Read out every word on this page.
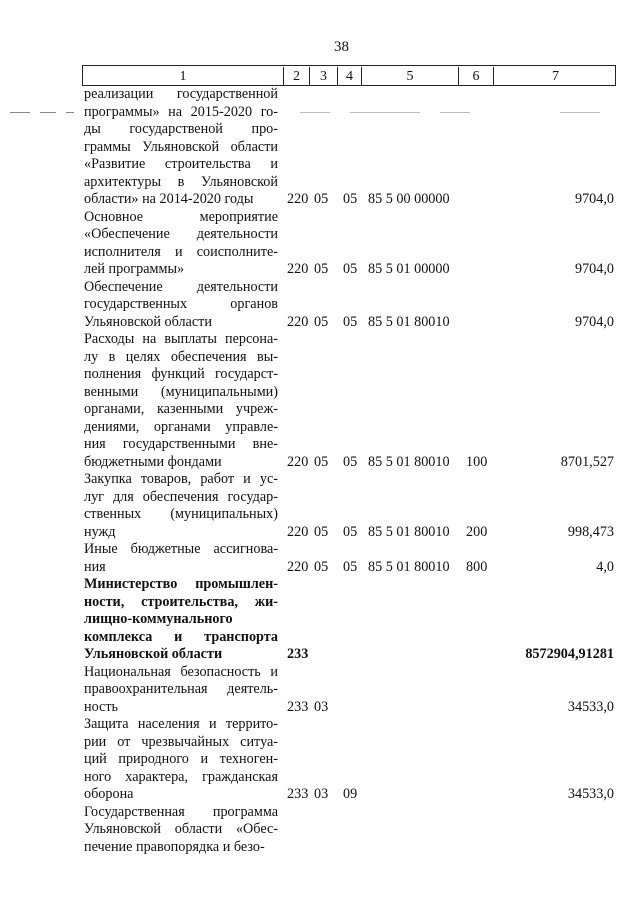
38
1	2	3	4	5	6	7
реализации государственной
программы» на 2015-2020 го-
ды государственой про-
граммы Ульяновской области
«Развитие строительства и
архитектуры в Ульяновской
области» на 2014-2020 годы	220 05 05 85 5 00 00000	9704,0
Основное мероприятие
«Обеспечение деятельности
исполнителя и соисполните-
лей программы»	220 05 05 85 5 01 00000	9704,0
Обеспечение деятельности
государственных органов
Ульяновской области	220 05 05 85 5 01 80010	9704,0
Расходы на выплаты персона-
лу в целях обеспечения вы-
полнения функций государст-
венными (муниципальными)
органами, казенными учреж-
дениями, органами управле-
ния государственными вне-
бюджетными фондами	220 05 05 85 5 01 80010 100	8701,527
Закупка товаров, работ и ус-
луг для обеспечения государ-
ственных (муниципальных)
нужд	220 05 05 85 5 01 80010 200	998,473
Иные бюджетные ассигнова-
ния	220 05 05 85 5 01 80010 800	4,0
Министерство промышлен-
ности, строительства, жи-
лищно-коммунального
комплекса и транспорта
Ульяновской области	233	8572904,91281
Национальная безопасность и
правоохранительная деятель-
ность	233 03	34533,0
Защита населения и террито-
рии от чрезвычайных ситуа-
ций природного и техноген-
ного характера, гражданская
оборона	233 03 09	34533,0
Государственная программа
Ульяновской области «Обес-
печение правопорядка и безо-
